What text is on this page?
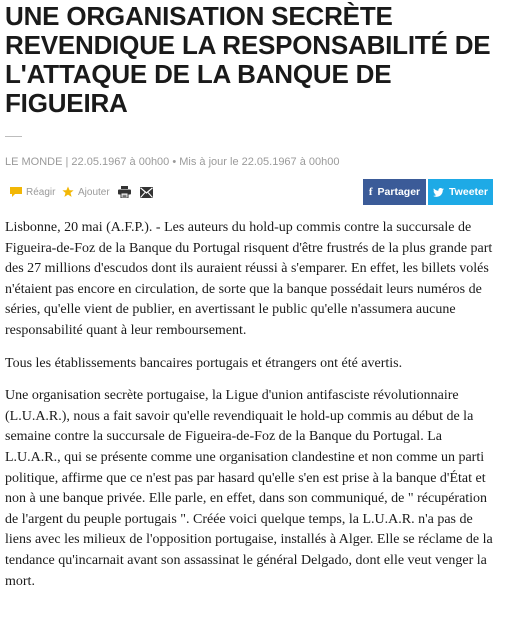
UNE ORGANISATION SECRÈTE REVENDIQUE LA RESPONSABILITÉ DE L'ATTAQUE DE LA BANQUE DE FIGUEIRA
LE MONDE | 22.05.1967 à 00h00 • Mis à jour le 22.05.1967 à 00h00
Réagir Ajouter	f Partager	Tweeter

Lisbonne, 20 mai (A.F.P.). - Les auteurs du hold-up commis contre la succursale de Figueira-de-Foz de la Banque du Portugal risquent d'être frustrés de la plus grande part des 27 millions d'escudos dont ils auraient réussi à s'emparer. En effet, les billets volés n'étaient pas encore en circulation, de sorte que la banque possédait leurs numéros de séries, qu'elle vient de publier, en avertissant le public qu'elle n'assumera aucune responsabilité quant à leur remboursement.

Tous les établissements bancaires portugais et étrangers ont été avertis.

Une organisation secrète portugaise, la Ligue d'union antifasciste révolutionnaire (L.U.A.R.), nous a fait savoir qu'elle revendiquait le hold-up commis au début de la semaine contre la succursale de Figueira-de-Foz de la Banque du Portugal. La L.U.A.R., qui se présente comme une organisation clandestine et non comme un parti politique, affirme que ce n'est pas par hasard qu'elle s'en est prise à la banque d'État et non à une banque privée. Elle parle, en effet, dans son communiqué, de " récupération de l'argent du peuple portugais ". Créée voici quelque temps, la L.U.A.R. n'a pas de liens avec les milieux de l'opposition portugaise, installés à Alger. Elle se réclame de la tendance qu'incarnait avant son assassinat le général Delgado, dont elle veut venger la mort.
